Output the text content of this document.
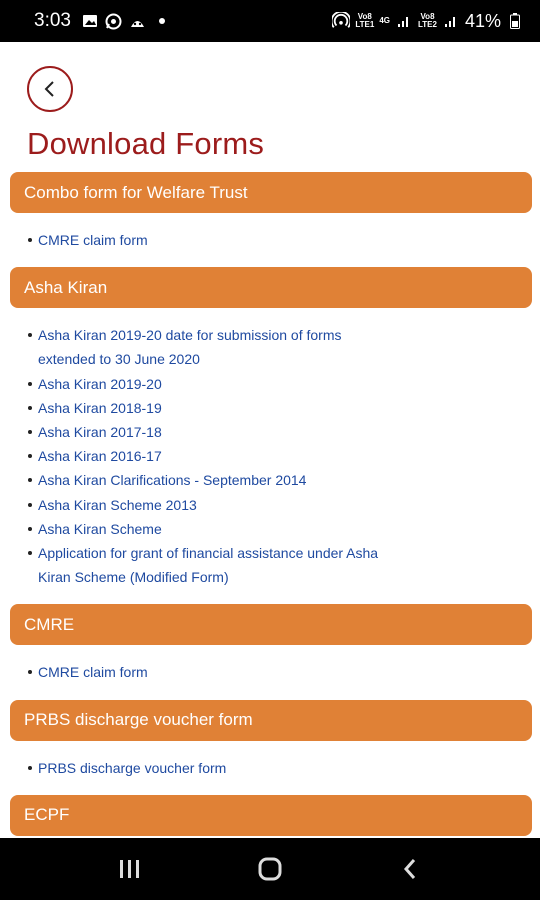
3:03	Vo8
LTE1 4G	Vo8
LTE2 41%
Download Forms
Combo form for Welfare Trust
CMRE claim form
Asha Kiran
Asha Kiran 2019-20 date for submission of forms extended to 30 June 2020
Asha Kiran 2019-20
Asha Kiran 2018-19
Asha Kiran 2017-18
Asha Kiran 2016-17
Asha Kiran Clarifications - September 2014
Asha Kiran Scheme 2013
Asha Kiran Scheme
Application for grant of financial assistance under Asha Kiran Scheme (Modified Form)
CMRE
CMRE claim form
PRBS discharge voucher form
PRBS discharge voucher form
ECPF
